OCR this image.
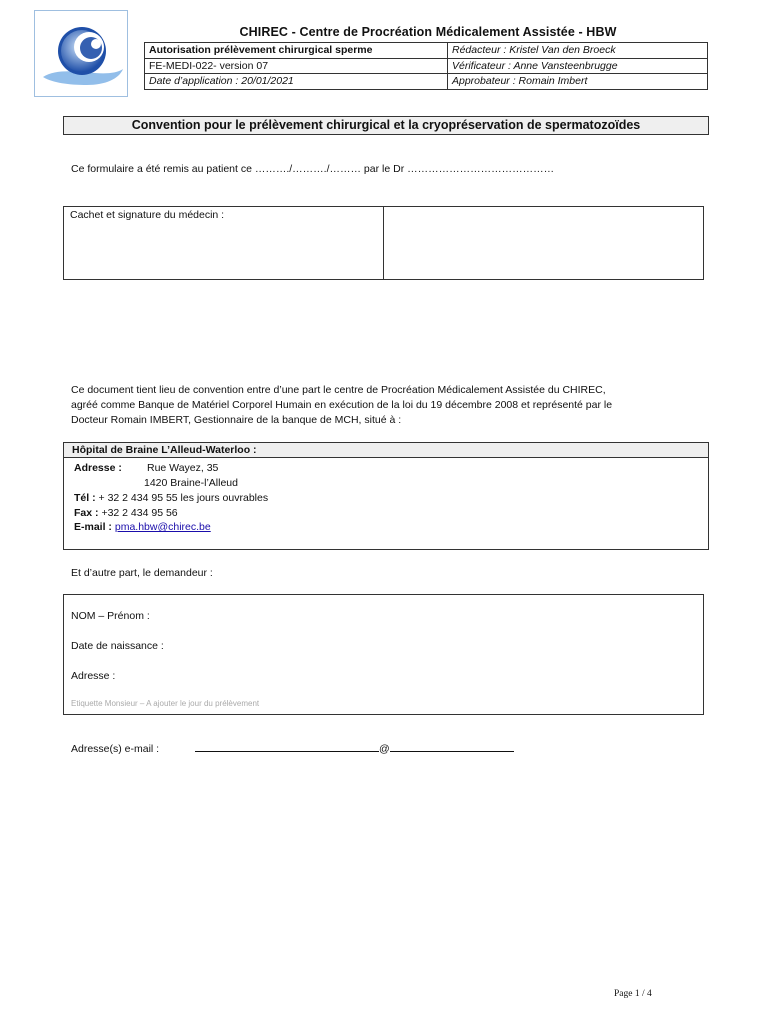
CHIREC - Centre de Procréation Médicalement Assistée - HBW
Autorisation prélèvement chirurgical sperme	Rédacteur : Kristel Van den Broeck
FE-MEDI-022- version 07	Vérificateur : Anne Vansteenbrugge
Date d’application : 20/01/2021	Approbateur : Romain Imbert
Convention pour le prélèvement chirurgical et la cryopréservation de spermatozoïdes
Ce formulaire a été remis au patient ce ………./………./……… par le Dr ……………………………………
Cachet et signature du médecin :
Ce document tient lieu de convention entre d’une part le centre de Procréation Médicalement Assistée du CHIREC,
agréé comme Banque de Matériel Corporel Humain en exécution de la loi du 19 décembre 2008 et représenté par le
Docteur Romain IMBERT, Gestionnaire de la banque de MCH, situé à :
Hôpital de Braine L’Alleud-Waterloo :
Adresse : Rue Wayez, 35
1420 Braine-l’Alleud
Tél : + 32 2 434 95 55 les jours ouvrables
Fax : +32 2 434 95 56
E-mail : pma.hbw@chirec.be
Et d’autre part, le demandeur :
NOM – Prénom :
Date de naissance :
Adresse :
Etiquette Monsieur – A ajouter le jour du prélèvement
Adresse(s) e-mail :	@
Page 1 / 4
